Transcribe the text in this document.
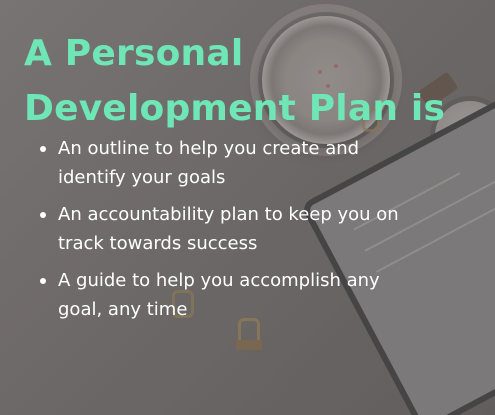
A Personal
Development Plan is
An outline to help you create and
identify your goals
An accountability plan to keep you on
track towards success
A guide to help you accomplish any
goal, any time
